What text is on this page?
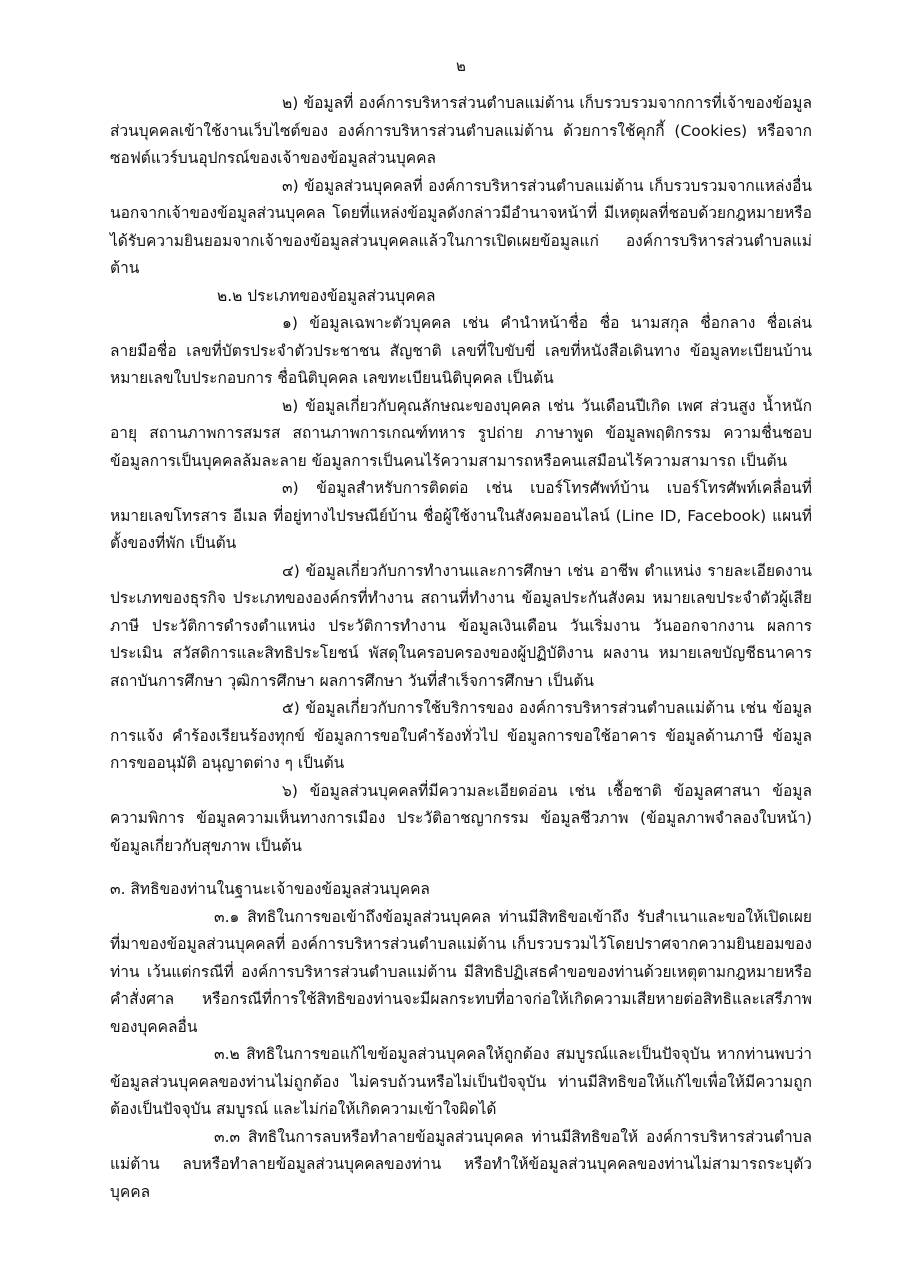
๒

๒) ข้อมูลที่ องค์การบริหารส่วนตำบลแม่ต้าน เก็บรวบรวมจากการที่เจ้าของข้อมูลส่วนบุคคลเข้าใช้งานเว็บไซต์ของ องค์การบริหารส่วนตำบลแม่ต้าน ด้วยการใช้คุกกี้ (Cookies) หรือจากซอฟต์แวร์บนอุปกรณ์ของเจ้าของข้อมูลส่วนบุคคล

๓) ข้อมูลส่วนบุคคลที่ องค์การบริหารส่วนตำบลแม่ต้าน เก็บรวบรวมจากแหล่งอื่นนอกจากเจ้าของข้อมูลส่วนบุคคล โดยที่แหล่งข้อมูลดังกล่าวมีอำนาจหน้าที่ มีเหตุผลที่ชอบด้วยกฎหมายหรือได้รับความยินยอมจากเจ้าของข้อมูลส่วนบุคคลแล้วในการเปิดเผยข้อมูลแก่ องค์การบริหารส่วนตำบลแม่ต้าน

๒.๒ ประเภทของข้อมูลส่วนบุคคล

๑) ข้อมูลเฉพาะตัวบุคคล เช่น คำนำหน้าชื่อ ชื่อ นามสกุล ชื่อกลาง ชื่อเล่น ลายมือชื่อ เลขที่บัตรประจำตัวประชาชน สัญชาติ เลขที่ใบขับขี่ เลขที่หนังสือเดินทาง ข้อมูลทะเบียนบ้าน หมายเลขใบประกอบการ ชื่อนิติบุคคล เลขทะเบียนนิติบุคคล เป็นต้น

๒) ข้อมูลเกี่ยวกับคุณลักษณะของบุคคล เช่น วันเดือนปีเกิด เพศ ส่วนสูง น้ำหนัก อายุ สถานภาพการสมรส สถานภาพการเกณฑ์ทหาร รูปถ่าย ภาษาพูด ข้อมูลพฤติกรรม ความชื่นชอบ ข้อมูลการเป็นบุคคลล้มละลาย ข้อมูลการเป็นคนไร้ความสามารถหรือคนเสมือนไร้ความสามารถ เป็นต้น

๓) ข้อมูลสำหรับการติดต่อ เช่น เบอร์โทรศัพท์บ้าน เบอร์โทรศัพท์เคลื่อนที่ หมายเลขโทรสาร อีเมล ที่อยู่ทางไปรษณีย์บ้าน ชื่อผู้ใช้งานในสังคมออนไลน์ (Line ID, Facebook) แผนที่ตั้งของที่พัก เป็นต้น

๔) ข้อมูลเกี่ยวกับการทำงานและการศึกษา เช่น อาชีพ ตำแหน่ง รายละเอียดงาน ประเภทของธุรกิจ ประเภทขององค์กรที่ทำงาน สถานที่ทำงาน ข้อมูลประกันสังคม หมายเลขประจำตัวผู้เสียภาษี ประวัติการดำรงตำแหน่ง ประวัติการทำงาน ข้อมูลเงินเดือน วันเริ่มงาน วันออกจากงาน ผลการประเมิน สวัสดิการและสิทธิประโยชน์ พัสดุในครอบครองของผู้ปฏิบัติงาน ผลงาน หมายเลขบัญชีธนาคาร สถาบันการศึกษา วุฒิการศึกษา ผลการศึกษา วันที่สำเร็จการศึกษา เป็นต้น

๕) ข้อมูลเกี่ยวกับการใช้บริการของ องค์การบริหารส่วนตำบลแม่ต้าน เช่น ข้อมูลการแจ้ง คำร้องเรียนร้องทุกข์ ข้อมูลการขอใบคำร้องทั่วไป ข้อมูลการขอใช้อาคาร ข้อมูลด้านภาษี ข้อมูลการขออนุมัติ อนุญาตต่าง ๆ เป็นต้น

๖) ข้อมูลส่วนบุคคลที่มีความละเอียดอ่อน เช่น เชื้อชาติ ข้อมูลศาสนา ข้อมูลความพิการ ข้อมูลความเห็นทางการเมือง ประวัติอาชญากรรม ข้อมูลชีวภาพ (ข้อมูลภาพจำลองใบหน้า) ข้อมูลเกี่ยวกับสุขภาพ เป็นต้น

๓. สิทธิของท่านในฐานะเจ้าของข้อมูลส่วนบุคคล

๓.๑ สิทธิในการขอเข้าถึงข้อมูลส่วนบุคคล ท่านมีสิทธิขอเข้าถึง รับสำเนาและขอให้เปิดเผยที่มาของข้อมูลส่วนบุคคลที่ องค์การบริหารส่วนตำบลแม่ต้าน เก็บรวบรวมไว้โดยปราศจากความยินยอมของท่าน เว้นแต่กรณีที่ องค์การบริหารส่วนตำบลแม่ต้าน มีสิทธิปฏิเสธคำขอของท่านด้วยเหตุตามกฎหมายหรือคำสั่งศาล หรือกรณีที่การใช้สิทธิของท่านจะมีผลกระทบที่อาจก่อให้เกิดความเสียหายต่อสิทธิและเสรีภาพของบุคคลอื่น

๓.๒ สิทธิในการขอแก้ไขข้อมูลส่วนบุคคลให้ถูกต้อง สมบูรณ์และเป็นปัจจุบัน หากท่านพบว่าข้อมูลส่วนบุคคลของท่านไม่ถูกต้อง ไม่ครบถ้วนหรือไม่เป็นปัจจุบัน ท่านมีสิทธิขอให้แก้ไขเพื่อให้มีความถูกต้องเป็นปัจจุบัน สมบูรณ์ และไม่ก่อให้เกิดความเข้าใจผิดได้

๓.๓ สิทธิในการลบหรือทำลายข้อมูลส่วนบุคคล ท่านมีสิทธิขอให้ องค์การบริหารส่วนตำบลแม่ต้าน ลบหรือทำลายข้อมูลส่วนบุคคลของท่าน หรือทำให้ข้อมูลส่วนบุคคลของท่านไม่สามารถระบุตัวบุคคล
